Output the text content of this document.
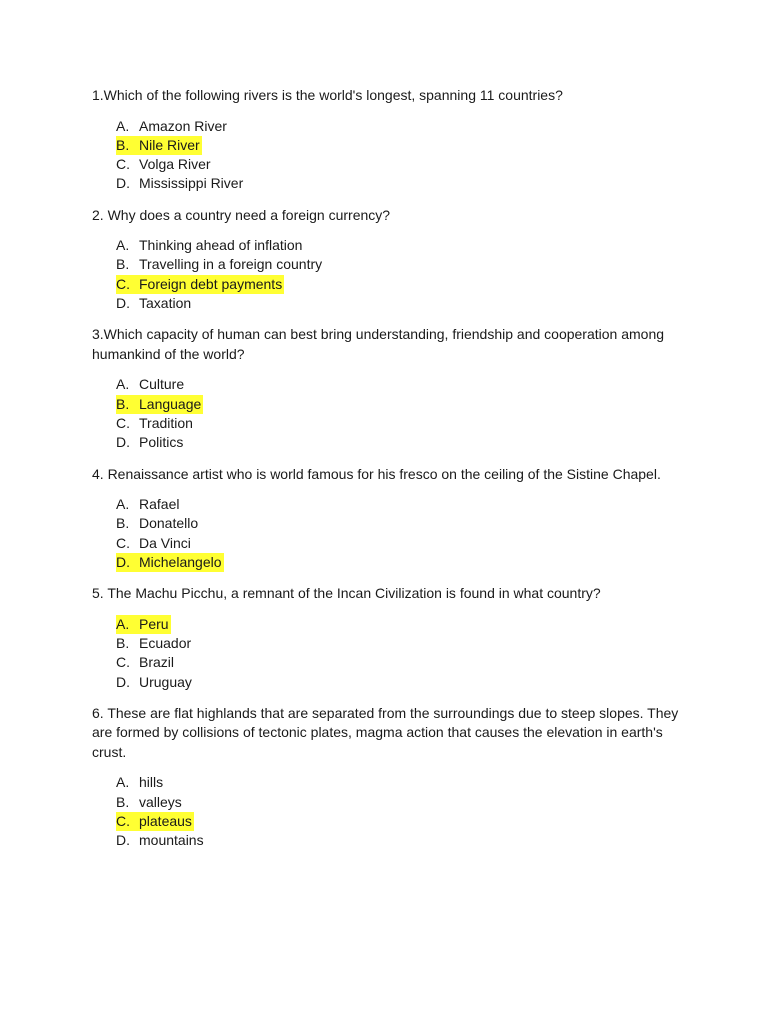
1.Which of the following rivers is the world's longest, spanning 11 countries?

A. Amazon River
B. Nile River
C. Volga River
D. Mississippi River

2. Why does a country need a foreign currency?

A. Thinking ahead of inflation
B. Travelling in a foreign country
C. Foreign debt payments
D. Taxation

3.Which capacity of human can best bring understanding, friendship and cooperation among humankind of the world?

A. Culture
B. Language
C. Tradition
D. Politics

4. Renaissance artist who is world famous for his fresco on the ceiling of the Sistine Chapel.

A. Rafael
B. Donatello
C. Da Vinci
D. Michelangelo

5. The Machu Picchu, a remnant of the Incan Civilization is found in what country?

A. Peru
B. Ecuador
C. Brazil
D. Uruguay

6. These are flat highlands that are separated from the surroundings due to steep slopes. They are formed by collisions of tectonic plates, magma action that causes the elevation in earth's crust.

A. hills
B. valleys
C. plateaus
D. mountains
